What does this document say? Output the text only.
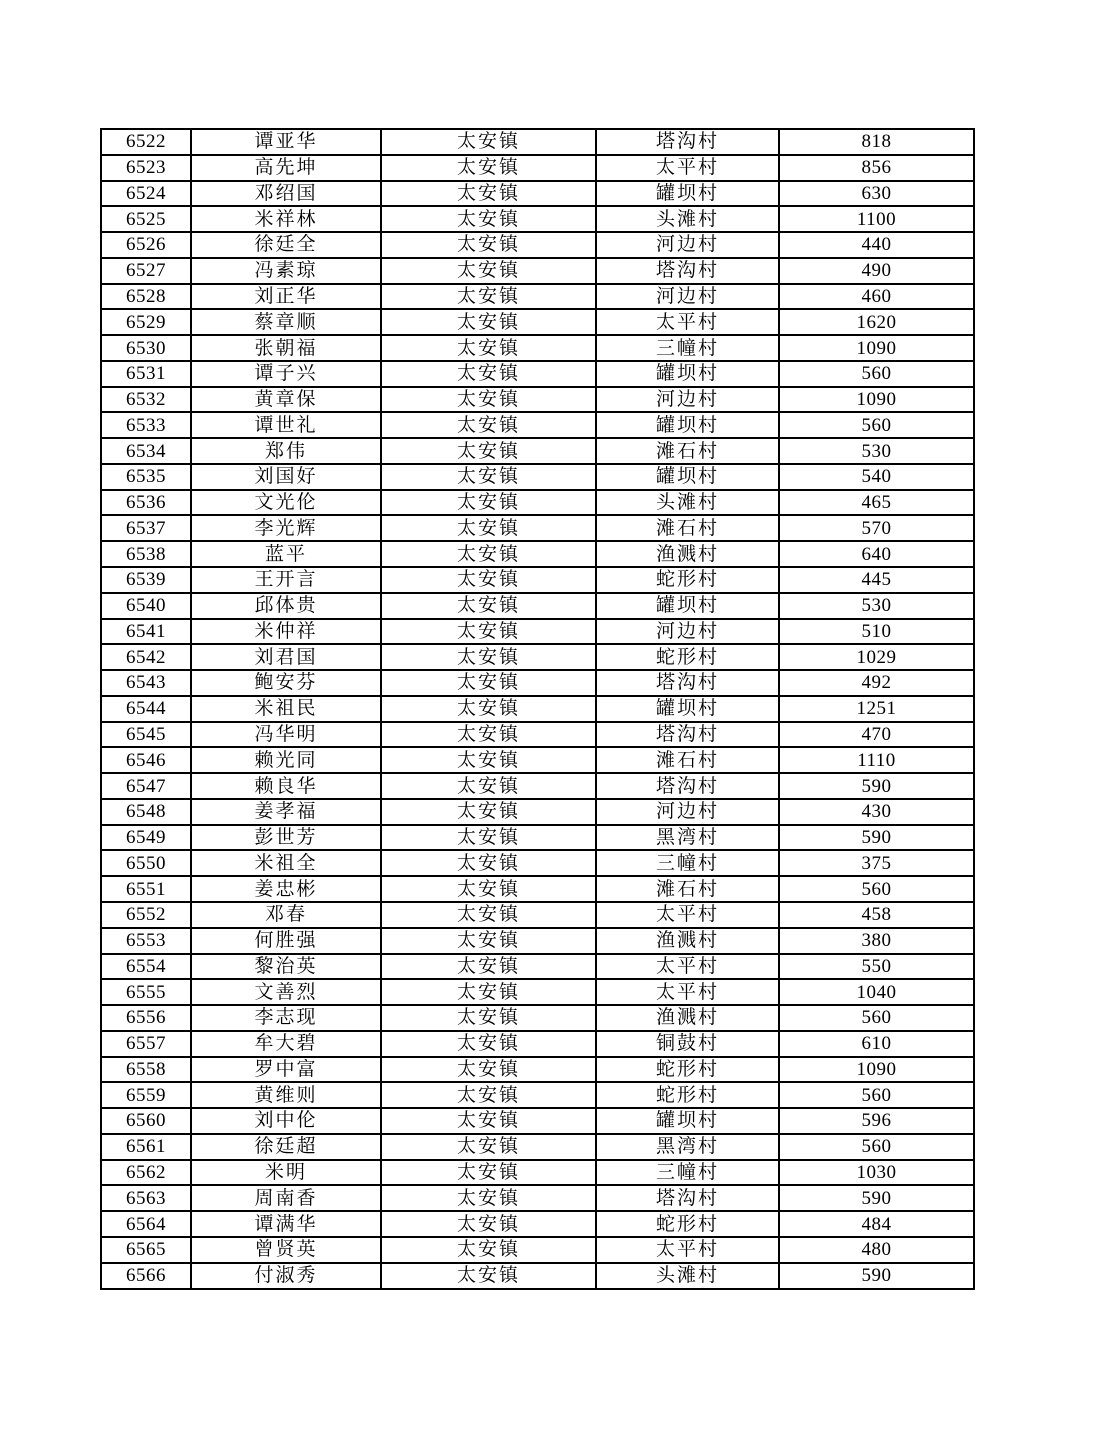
6522	谭亚华	太安镇	塔沟村	818
6523	高先坤	太安镇	太平村	856
6524	邓绍国	太安镇	罐坝村	630
6525	米祥林	太安镇	头滩村	1100
6526	徐廷全	太安镇	河边村	440
6527	冯素琼	太安镇	塔沟村	490
6528	刘正华	太安镇	河边村	460
6529	蔡章顺	太安镇	太平村	1620
6530	张朝福	太安镇	三幢村	1090
6531	谭子兴	太安镇	罐坝村	560
6532	黄章保	太安镇	河边村	1090
6533	谭世礼	太安镇	罐坝村	560
6534	郑伟	太安镇	滩石村	530
6535	刘国好	太安镇	罐坝村	540
6536	文光伦	太安镇	头滩村	465
6537	李光辉	太安镇	滩石村	570
6538	蓝平	太安镇	渔溅村	640
6539	王开言	太安镇	蛇形村	445
6540	邱体贵	太安镇	罐坝村	530
6541	米仲祥	太安镇	河边村	510
6542	刘君国	太安镇	蛇形村	1029
6543	鲍安芬	太安镇	塔沟村	492
6544	米祖民	太安镇	罐坝村	1251
6545	冯华明	太安镇	塔沟村	470
6546	赖光同	太安镇	滩石村	1110
6547	赖良华	太安镇	塔沟村	590
6548	姜孝福	太安镇	河边村	430
6549	彭世芳	太安镇	黑湾村	590
6550	米祖全	太安镇	三幢村	375
6551	姜忠彬	太安镇	滩石村	560
6552	邓春	太安镇	太平村	458
6553	何胜强	太安镇	渔溅村	380
6554	黎治英	太安镇	太平村	550
6555	文善烈	太安镇	太平村	1040
6556	李志现	太安镇	渔溅村	560
6557	牟大碧	太安镇	铜鼓村	610
6558	罗中富	太安镇	蛇形村	1090
6559	黄维则	太安镇	蛇形村	560
6560	刘中伦	太安镇	罐坝村	596
6561	徐廷超	太安镇	黑湾村	560
6562	米明	太安镇	三幢村	1030
6563	周南香	太安镇	塔沟村	590
6564	谭满华	太安镇	蛇形村	484
6565	曾贤英	太安镇	太平村	480
6566	付淑秀	太安镇	头滩村	590
